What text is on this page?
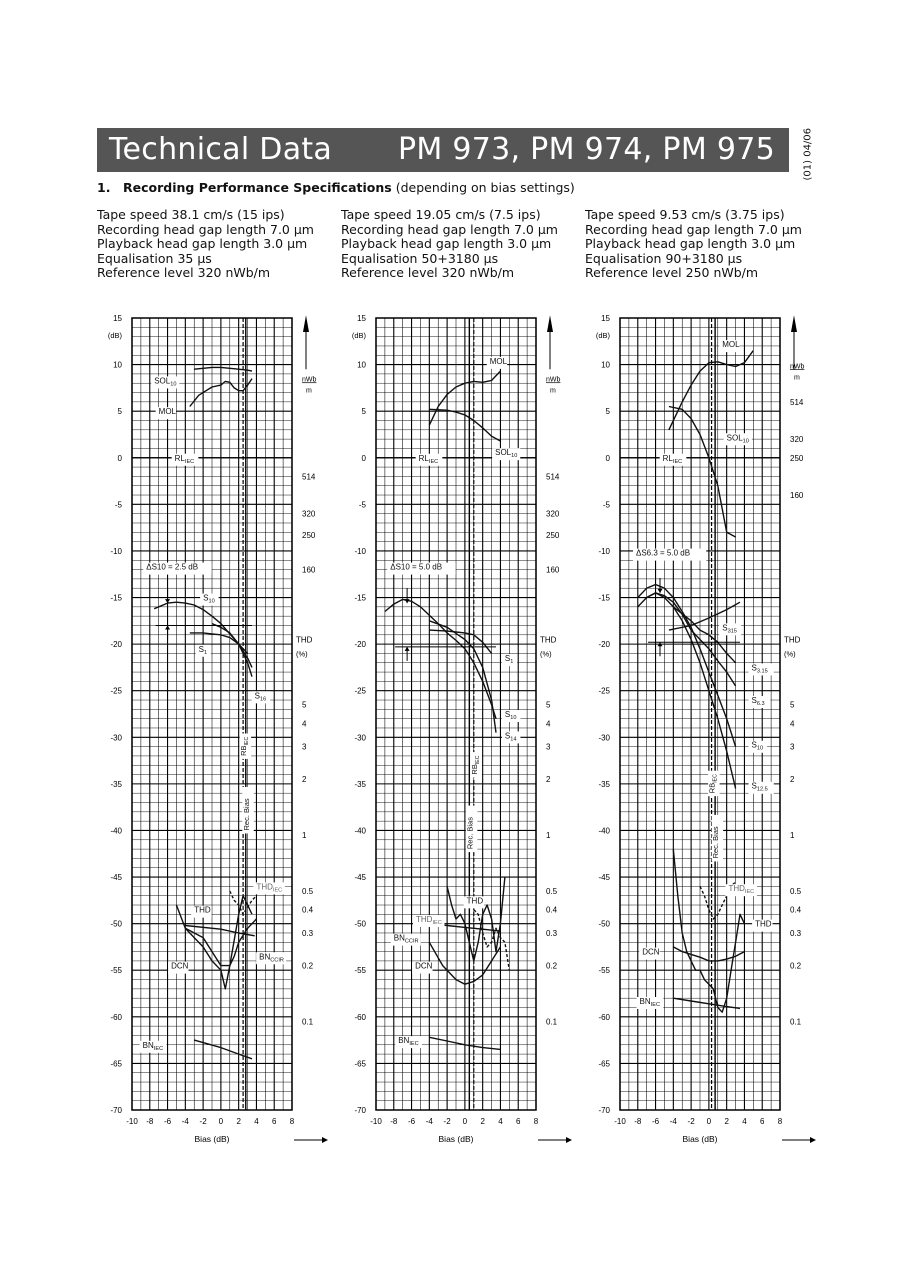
Technical Data PM 973, PM 974, PM 975	(01) 04/06
1. Recording Performance Specifications (depending on bias settings)
Tape speed 38.1 cm/s (15 ips)
Recording head gap length 7.0 µm
Playback head gap length 3.0 µm
Equalisation 35 µs
Reference level 320 nWb/m
Tape speed 19.05 cm/s (7.5 ips)
Recording head gap length 7.0 µm
Playback head gap length 3.0 µm
Equalisation 50+3180 µs
Reference level 320 nWb/m
Tape speed 9.53 cm/s (3.75 ips)
Recording head gap length 7.0 µm
Playback head gap length 3.0 µm
Equalisation 90+3180 µs
Reference level 250 nWb/m
15
10
5
0
-5
-10
-15
-20
-25
-30
-35
-40
-45
-50
-55
-60
-65
-70
(dB)
-10 -8 -6 -4 -2 0 2 4 6 8
Bias (dB)
nWb
m
514
320
250
160
THD
(%)
5
4
3
2
1
0.5
0.4
0.3
0.2
0.1
ΔS10 = 2.5 dB
$SOL_{10}$
MOL
$RL_{IEC}$
$S_{10}$
$S_1$
$S_{16}$
THD
$THD_{IEC}$
DCN
$BN_{CCIR}$
$BN_{IEC}$
$RB_{IEC}$
Rec. Bias
15
10
5
0
-5
-10
-15
-20
-25
-30
-35
-40
-45
-50
-55
-60
-65
-70
(dB)
-10 -8 -6 -4 -2 0 2 4 6 8
Bias (dB)
nWb
m
514
320
250
160
THD
(%)
5
4
3
2
1
0.5
0.4
0.3
0.2
0.1
ΔS10 = 5.0 dB
MOL
$SOL_{10}$
$RL_{IEC}$
$S_1$
$S_{10}$
$S_{14}$
THD
$THD_{IEC}$
$BN_{CCIR}$
DCN
$BN_{IEC}$
$RB_{IEC}$
Rec. Bias
15
10
5
0
-5
-10
-15
-20
-25
-30
-35
-40
-45
-50
-55
-60
-65
-70
(dB)
-10 -8 -6 -4 -2 0 2 4 6 8
Bias (dB)
nWb
m
514
320
250
160
THD
(%)
5
4
3
2
1
0.5
0.4
0.3
0.2
0.1
ΔS6.3 = 5.0 dB
MOL
$SOL_{10}$
$RL_{IEC}$
$S_{315}$
$S_{3.15}$
$S_{6.3}$
$S_{10}$
$S_{12.5}$
$THD_{IEC}$
THD
DCN
$BN_{IEC}$
$RB_{IEC}$
Rec. Bias
